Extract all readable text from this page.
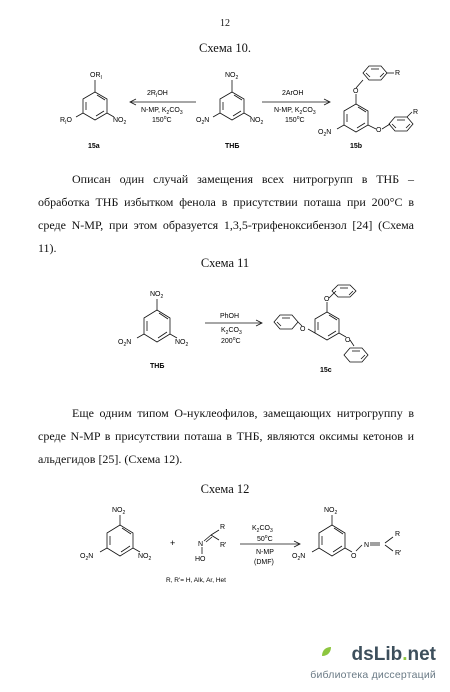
12
Схема 10.
$OR_I$
$R_IO$	$NO_2$
15a
$2R_IOH$
N-MP, $K_2CO_3$
150$^o$C
$NO_2$
$O_2N$	$NO_2$
ТНБ
2ArOH
N-MP, $K_2CO_3$
150$^o$C
O
R
O
R
$O_2N$
15b
Описан один случай замещения всех нитрогрупп в ТНБ – обработка ТНБ избытком фенола в присутствии поташа при 200°C в среде N-MP, при этом образуется 1,3,5-трифеноксибензол [24] (Схема 11).
Схема 11
$NO_2$
$O_2N$	$NO_2$
ТНБ
PhOH
$K_2CO_3$
200$^o$C
O
O
O
15c
Еще одним типом О-нуклеофилов, замещающих нитрогруппу в среде N-MP в присутствии поташа в ТНБ, являются оксимы кетонов и альдегидов [25]. (Схема 12).
Схема 12
$NO_2$
$O_2N$	$NO_2$
+
R
R'
N
HO
$K_2CO_3$
50$^o$C
N-MP
(DMF)
$NO_2$
$O_2N$	O
N
R
R'
R, R'= H, Alk, Ar, Het
dsLib.net
библиотека диссертаций
